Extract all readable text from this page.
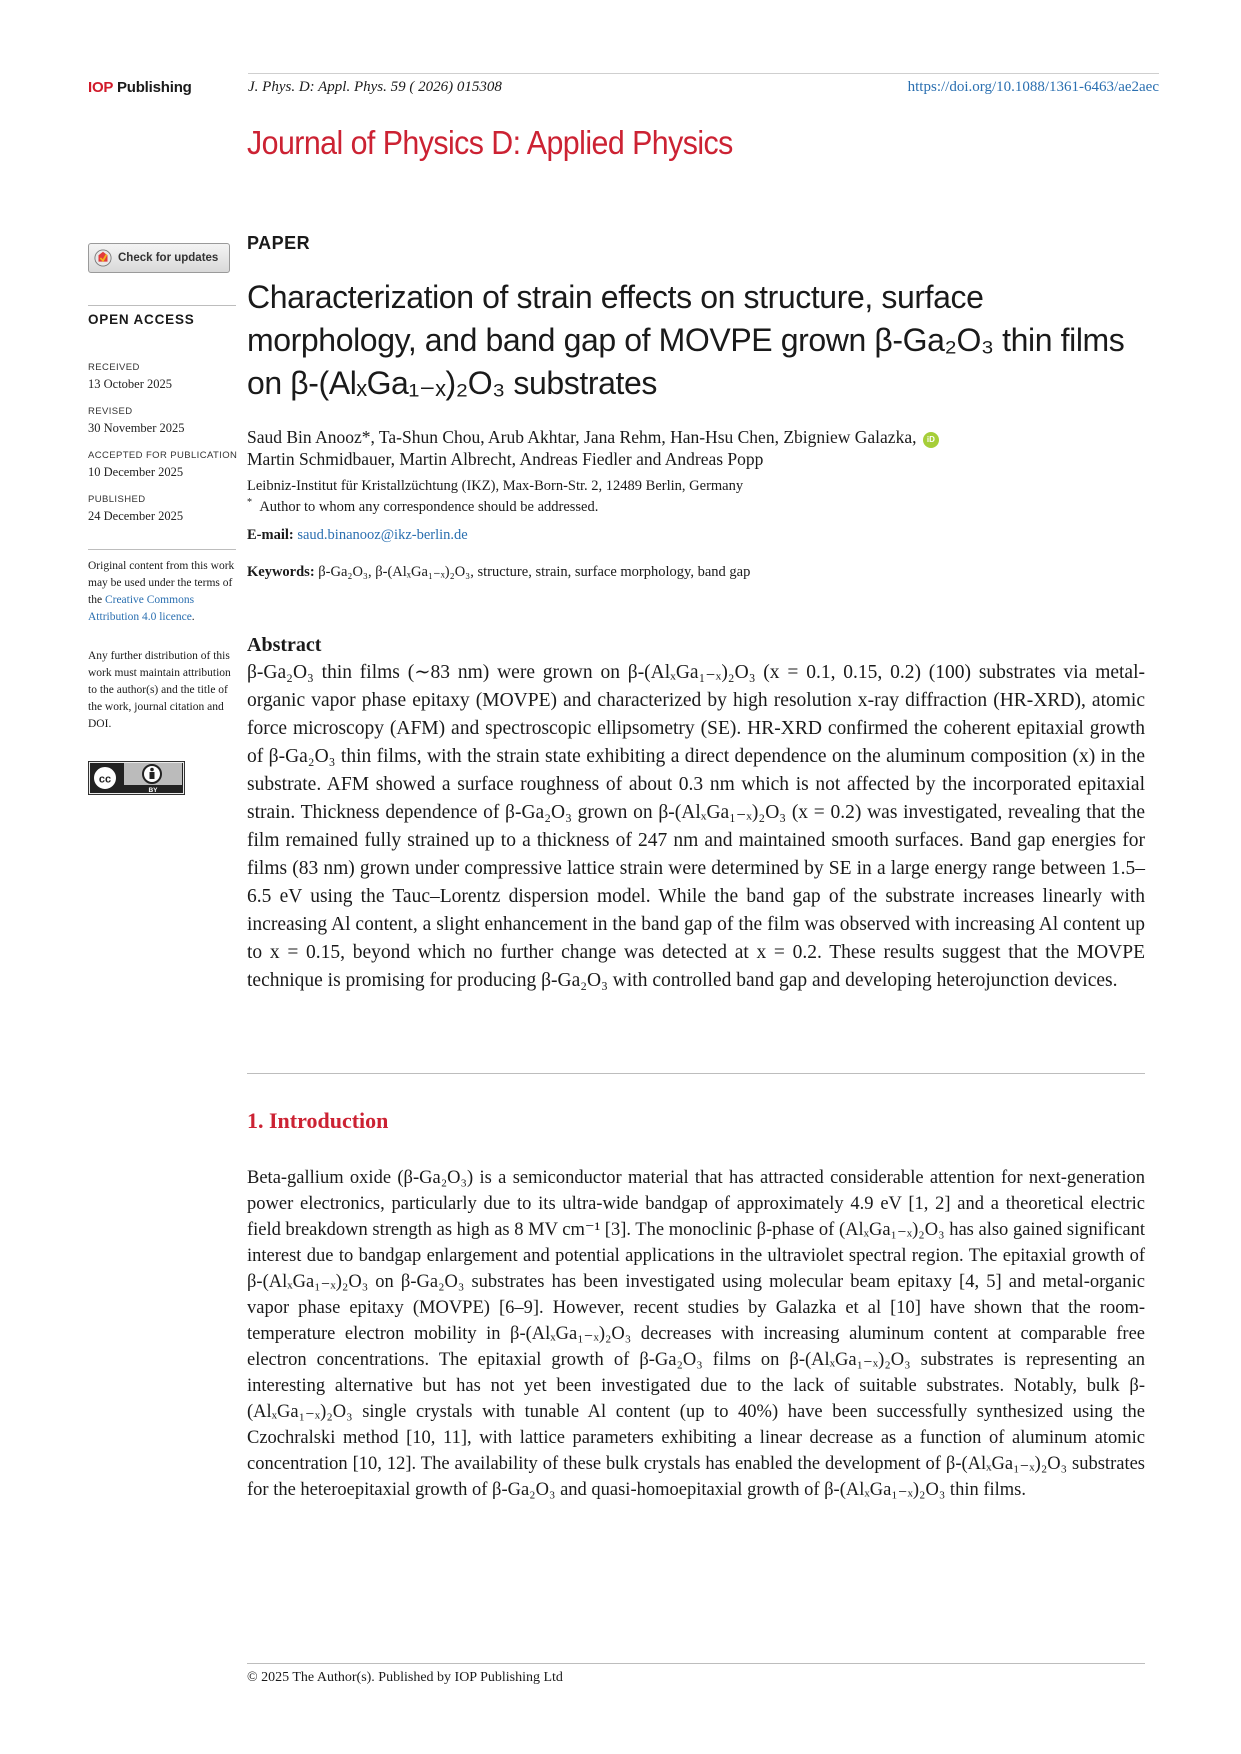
IOP Publishing	J. Phys. D: Appl. Phys. 59 ( 2026) 015308	https://doi.org/10.1088/1361-6463/ae2aec
Journal of Physics D: Applied Physics
Check for updates
OPEN ACCESS
RECEIVED
13 October 2025
REVISED
30 November 2025
ACCEPTED FOR PUBLICATION
10 December 2025
PUBLISHED
24 December 2025
Original content from this work may be used under the terms of the Creative Commons Attribution 4.0 licence.
Any further distribution of this work must maintain attribution to the author(s) and the title of the work, journal citation and DOI.
cc
BY
PAPER
Characterization of strain effects on structure, surface
morphology, and band gap of MOVPE grown β-Ga₂O₃ thin films
on β-(AlₓGa₁₋ₓ)₂O₃ substrates
Saud Bin Anooz*, Ta-Shun Chou, Arub Akhtar, Jana Rehm, Han-Hsu Chen, Zbigniew Galazka, iD
Martin Schmidbauer, Martin Albrecht, Andreas Fiedler and Andreas Popp
Leibniz-Institut für Kristallzüchtung (IKZ), Max-Born-Str. 2, 12489 Berlin, Germany
* Author to whom any correspondence should be addressed.
E-mail: saud.binanooz@ikz-berlin.de
Keywords: β-Ga₂O₃, β-(AlₓGa₁₋ₓ)₂O₃, structure, strain, surface morphology, band gap
Abstract
β-Ga₂O₃ thin films (∼83 nm) were grown on β-(AlₓGa₁₋ₓ)₂O₃ (x = 0.1, 0.15, 0.2) (100) substrates via metal-organic vapor phase epitaxy (MOVPE) and characterized by high resolution x-ray diffraction (HR-XRD), atomic force microscopy (AFM) and spectroscopic ellipsometry (SE). HR-XRD confirmed the coherent epitaxial growth of β-Ga₂O₃ thin films, with the strain state exhibiting a direct dependence on the aluminum composition (x) in the substrate. AFM showed a surface roughness of about 0.3 nm which is not affected by the incorporated epitaxial strain. Thickness dependence of β-Ga₂O₃ grown on β-(AlₓGa₁₋ₓ)₂O₃ (x = 0.2) was investigated, revealing that the film remained fully strained up to a thickness of 247 nm and maintained smooth surfaces. Band gap energies for films (83 nm) grown under compressive lattice strain were determined by SE in a large energy range between 1.5–6.5 eV using the Tauc–Lorentz dispersion model. While the band gap of the substrate increases linearly with increasing Al content, a slight enhancement in the band gap of the film was observed with increasing Al content up to x = 0.15, beyond which no further change was detected at x = 0.2. These results suggest that the MOVPE technique is promising for producing β-Ga₂O₃ with controlled band gap and developing heterojunction devices.
1. Introduction
Beta-gallium oxide (β-Ga₂O₃) is a semiconductor material that has attracted considerable attention for next-generation power electronics, particularly due to its ultra-wide bandgap of approximately 4.9 eV [1, 2] and a theoretical electric field breakdown strength as high as 8 MV cm⁻¹ [3]. The monoclinic β-phase of (AlₓGa₁₋ₓ)₂O₃ has also gained significant interest due to bandgap enlargement and potential applications in the ultraviolet spectral region. The epitaxial growth of β-(AlₓGa₁₋ₓ)₂O₃ on β-Ga₂O₃ substrates has been investigated using molecular beam epitaxy [4, 5] and metal-organic vapor phase epitaxy (MOVPE) [6–9]. However, recent studies by Galazka et al [10] have shown that the room-temperature electron mobility in β-(AlₓGa₁₋ₓ)₂O₃ decreases with increasing aluminum content at comparable free electron concentrations. The epitaxial growth of β-Ga₂O₃ films on β-(AlₓGa₁₋ₓ)₂O₃ substrates is representing an interesting alternative but has not yet been investigated due to the lack of suitable substrates. Notably, bulk β-(AlₓGa₁₋ₓ)₂O₃ single crystals with tunable Al content (up to 40%) have been successfully synthesized using the Czochralski method [10, 11], with lattice parameters exhibiting a linear decrease as a function of aluminum atomic concentration [10, 12]. The availability of these bulk crystals has enabled the development of β-(AlₓGa₁₋ₓ)₂O₃ substrates for the heteroepitaxial growth of β-Ga₂O₃ and quasi-homoepitaxial growth of β-(AlₓGa₁₋ₓ)₂O₃ thin films.
© 2025 The Author(s). Published by IOP Publishing Ltd
